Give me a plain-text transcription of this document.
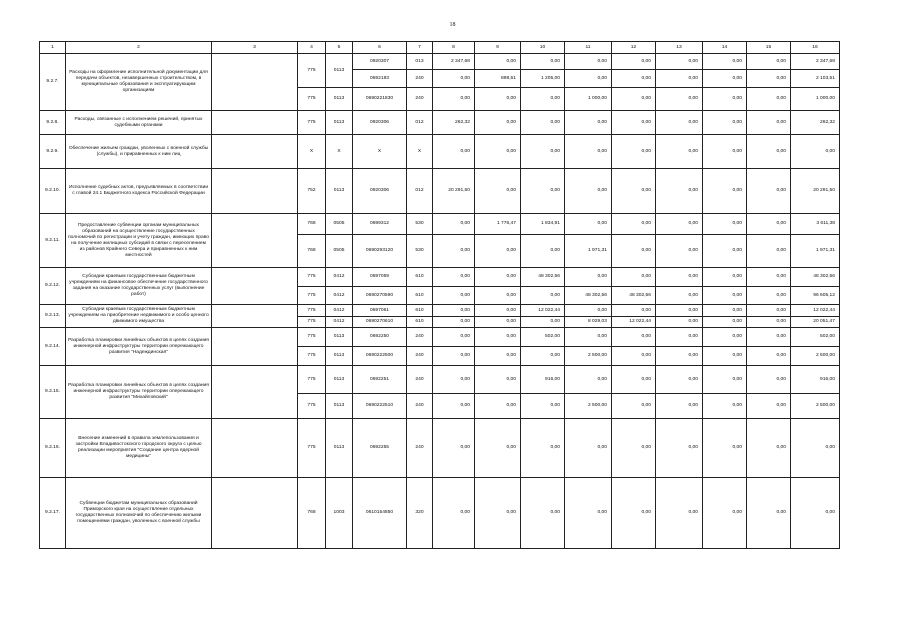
18
1	2	3	4	5	6	7	8	9	10	11	12	13	14	15	16
9.2.7.	Расходы на оформление исполнительной документации для передачи объектов, незавершенных строительством, в муниципальные образования и эксплуатирующим организациям		775	0113	0920307	013	2 347,68	0,00	0,00	0,00	0,00	0,00	0,00	0,00	2 347,68
					0692183	240	0,00	898,51	1 205,00	0,00	0,00	0,00	0,00	0,00	2 103,51
			775	0113	0690221830	240	0,00	0,00	0,00	1 000,00	0,00	0,00	0,00	0,00	1 000,00
9.2.8.	Расходы, связанные с исполнением решений, принятых судебными органами		775	0113	0920306	012	262,32	0,00	0,00	0,00	0,00	0,00	0,00	0,00	262,32
9.2.9.	Обеспечение жильем граждан, уволенных с военной службы (службы), и приравненных к ним лиц		X	X	X	X	0,00	0,00	0,00	0,00	0,00	0,00	0,00	0,00	0,00
9.2.10.	Исполнение судебных актов, предъявляемых в соответствии с главой 24.1 Бюджетного кодекса Российской Федерации		752	0113	0920306	012	20 291,50	0,00	0,00	0,00	0,00	0,00	0,00	0,00	20 291,50
9.2.11.	Предоставление субвенции органам муниципальных образований на осуществление государственных полномочий по регистрации и учету граждан, имеющих право на получение жилищных субсидий в связи с переселением из районов Крайнего Севера и приравненных к ним местностей		768	0505	0699312	530	0,00	1 776,47	1 834,91	0,00	0,00	0,00	0,00	0,00	3 611,38
			768	0505	0690293120	530	0,00	0,00	0,00	1 971,31	0,00	0,00	0,00	0,00	1 971,31
9.2.12.	Субсидии краевым государственным бюджетным учреждениям на финансовое обеспечение государственного задания на оказание государственных услуг (выполнение работ)		775	0412	0697059	610	0,00	0,00	48 302,56	0,00	0,00	0,00	0,00	0,00	48 302,56
			775	0412	0690270590	610	0,00	0,00	0,00	48 302,56	48 302,56	0,00	0,00	0,00	96 605,12
9.2.13.	Субсидии краевым государственным бюджетным учреждениям на приобретение недвижимого и особо ценного движимого имущества		775	0412	0697061	610	0,00	0,00	12 022,44	0,00	0,00	0,00	0,00	0,00	12 022,44
			775	0412	0690270610	610	0,00	0,00	0,00	8 029,03	12 022,44	0,00	0,00	0,00	20 051,47
9.2.14.	Разработка планировки линейных объектов в целях создания инженерной инфраструктуры территории опережающего развития "Надеждинская"		775	0113	0692250	240	0,00	0,00	502,00	0,00	0,00	0,00	0,00	0,00	502,00
			775	0113	0690222500	240	0,00	0,00	0,00	2 500,00	0,00	0,00	0,00	0,00	2 500,00
9.2.15.	Разработка планировки линейных объектов в целях создания инженерной инфраструктуры территории опережающего развития "Михайловский"		775	0113	0692251	240	0,00	0,00	916,00	0,00	0,00	0,00	0,00	0,00	916,00
			775	0113	0690222510	240	0,00	0,00	0,00	2 500,00	0,00	0,00	0,00	0,00	2 500,00
9.2.16.	Внесение изменений в правила землепользования и застройки Владивостокского городского округа с целью реализации мероприятия "Создание центра ядерной медицины"		775	0113	0692255	240	0,00	0,00	0,00	0,00	0,00	0,00	0,00	0,00	0,00
9.2.17.	Субвенции бюджетам муниципальных образований Приморского края на осуществление отдельных государственных полномочий по обеспечению жилыми помещениями граждан, уволенных с военной службы		768	1003	0610154850	320	0,00	0,00	0,00	0,00	0,00	0,00	0,00	0,00	0,00
